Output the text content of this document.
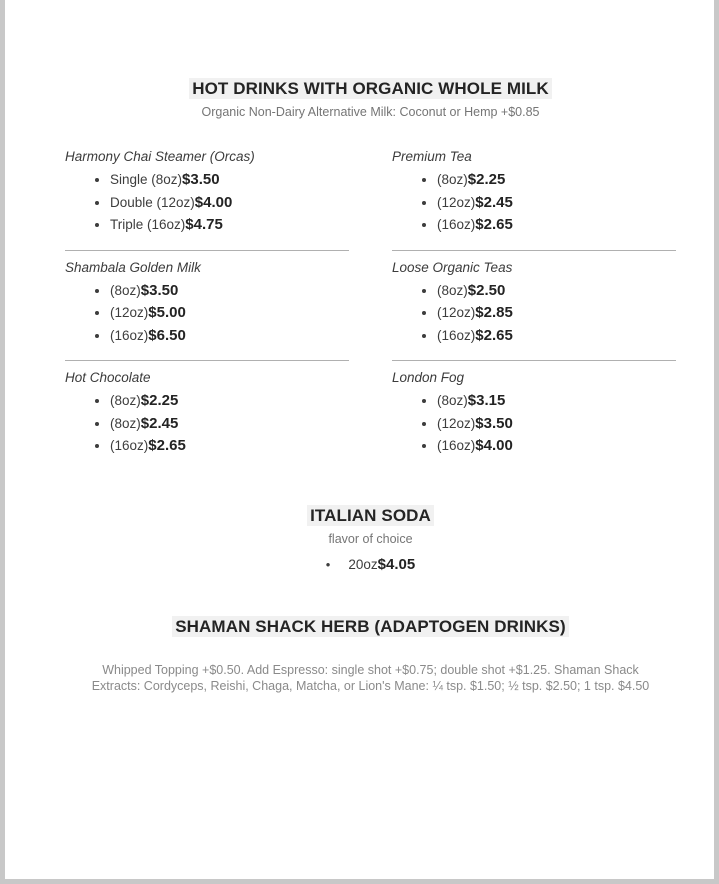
HOT DRINKS WITH ORGANIC WHOLE MILK
Organic Non-Dairy Alternative Milk: Coconut or Hemp +$0.85
Harmony Chai Steamer (Orcas)
• Single (8oz)$3.50
• Double (12oz)$4.00
• Triple (16oz)$4.75
Premium Tea
• (8oz)$2.25
• (12oz)$2.45
• (16oz)$2.65
Shambala Golden Milk
• (8oz)$3.50
• (12oz)$5.00
• (16oz)$6.50
Loose Organic Teas
• (8oz)$2.50
• (12oz)$2.85
• (16oz)$2.65
Hot Chocolate
• (8oz)$2.25
• (8oz)$2.45
• (16oz)$2.65
London Fog
• (8oz)$3.15
• (12oz)$3.50
• (16oz)$4.00
ITALIAN SODA
flavor of choice
• 20oz $4.05
SHAMAN SHACK HERB (ADAPTOGEN DRINKS)

Whipped Topping +$0.50. Add Espresso: single shot +$0.75; double shot +$1.25. Shaman Shack Extracts: Cordyceps, Reishi, Chaga, Matcha, or Lion's Mane: ¼ tsp. $1.50; ½ tsp. $2.50; 1 tsp. $4.50
